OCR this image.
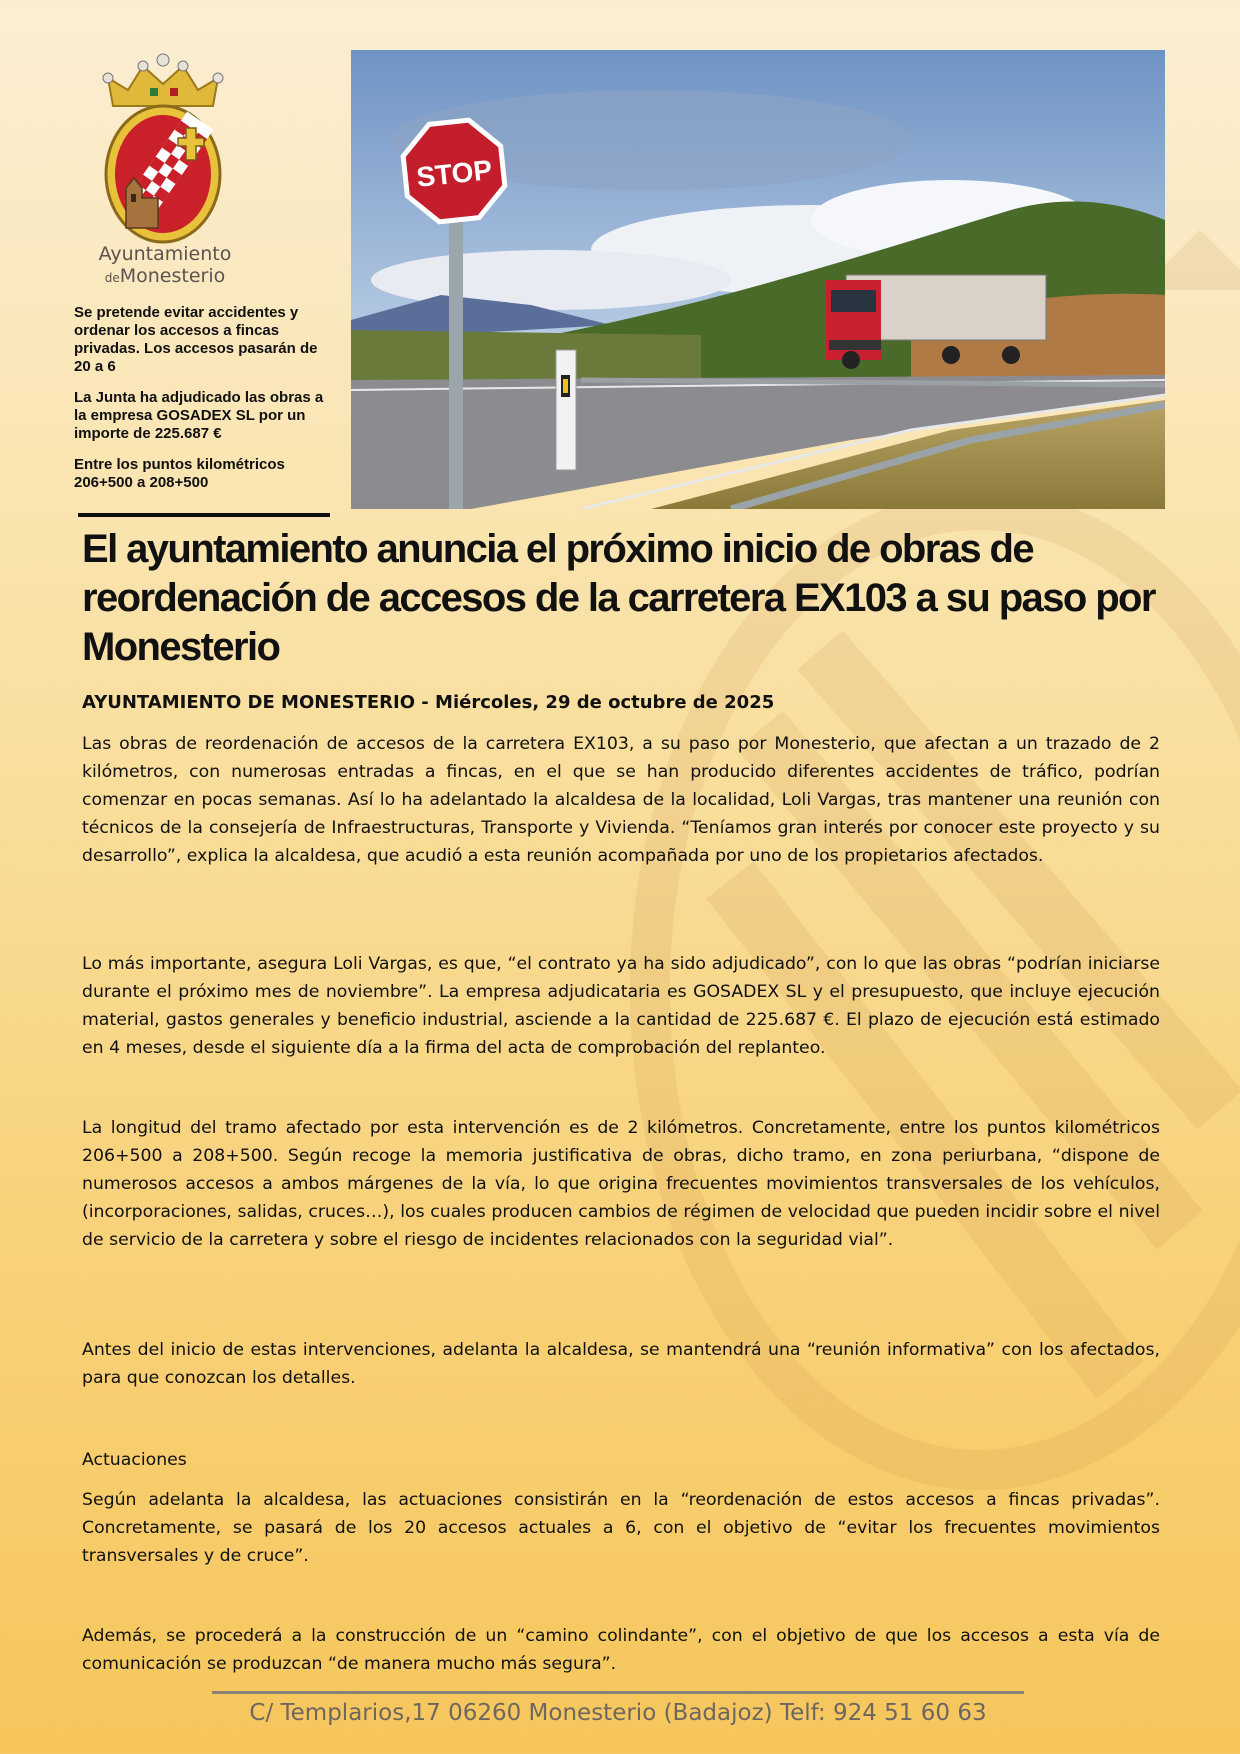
Ayuntamiento
deMonesterio

Se pretende evitar accidentes y ordenar los accesos a fincas privadas. Los accesos pasarán de 20 a 6

La Junta ha adjudicado las obras a la empresa GOSADEX SL por un importe de 225.687 €

Entre los puntos kilométricos 206+500 a 208+500

STOP
El ayuntamiento anuncia el próximo inicio de obras de reordenación de accesos de la carretera EX103 a su paso por Monesterio

AYUNTAMIENTO DE MONESTERIO - Miércoles, 29 de octubre de 2025

Las obras de reordenación de accesos de la carretera EX103, a su paso por Monesterio, que afectan a un trazado de 2 kilómetros, con numerosas entradas a fincas, en el que se han producido diferentes accidentes de tráfico, podrían comenzar en pocas semanas. Así lo ha adelantado la alcaldesa de la localidad, Loli Vargas, tras mantener una reunión con técnicos de la consejería de Infraestructuras, Transporte y Vivienda. “Teníamos gran interés por conocer este proyecto y su desarrollo”, explica la alcaldesa, que acudió a esta reunión acompañada por uno de los propietarios afectados.

Lo más importante, asegura Loli Vargas, es que, “el contrato ya ha sido adjudicado”, con lo que las obras “podrían iniciarse durante el próximo mes de noviembre”. La empresa adjudicataria es GOSADEX SL y el presupuesto, que incluye ejecución material, gastos generales y beneficio industrial, asciende a la cantidad de 225.687 €. El plazo de ejecución está estimado en 4 meses, desde el siguiente día a la firma del acta de comprobación del replanteo.

La longitud del tramo afectado por esta intervención es de 2 kilómetros. Concretamente, entre los puntos kilométricos 206+500 a 208+500. Según recoge la memoria justificativa de obras, dicho tramo, en zona periurbana, “dispone de numerosos accesos a ambos márgenes de la vía, lo que origina frecuentes movimientos transversales de los vehículos, (incorporaciones, salidas, cruces…), los cuales producen cambios de régimen de velocidad que pueden incidir sobre el nivel de servicio de la carretera y sobre el riesgo de incidentes relacionados con la seguridad vial”.

Antes del inicio de estas intervenciones, adelanta la alcaldesa, se mantendrá una “reunión informativa” con los afectados, para que conozcan los detalles.

Actuaciones

Según adelanta la alcaldesa, las actuaciones consistirán en la “reordenación de estos accesos a fincas privadas”. Concretamente, se pasará de los 20 accesos actuales a 6, con el objetivo de “evitar los frecuentes movimientos transversales y de cruce”.

Además, se procederá a la construcción de un “camino colindante”, con el objetivo de que los accesos a esta vía de comunicación se produzcan “de manera mucho más segura”.

C/ Templarios,17 06260 Monesterio (Badajoz) Telf: 924 51 60 63
